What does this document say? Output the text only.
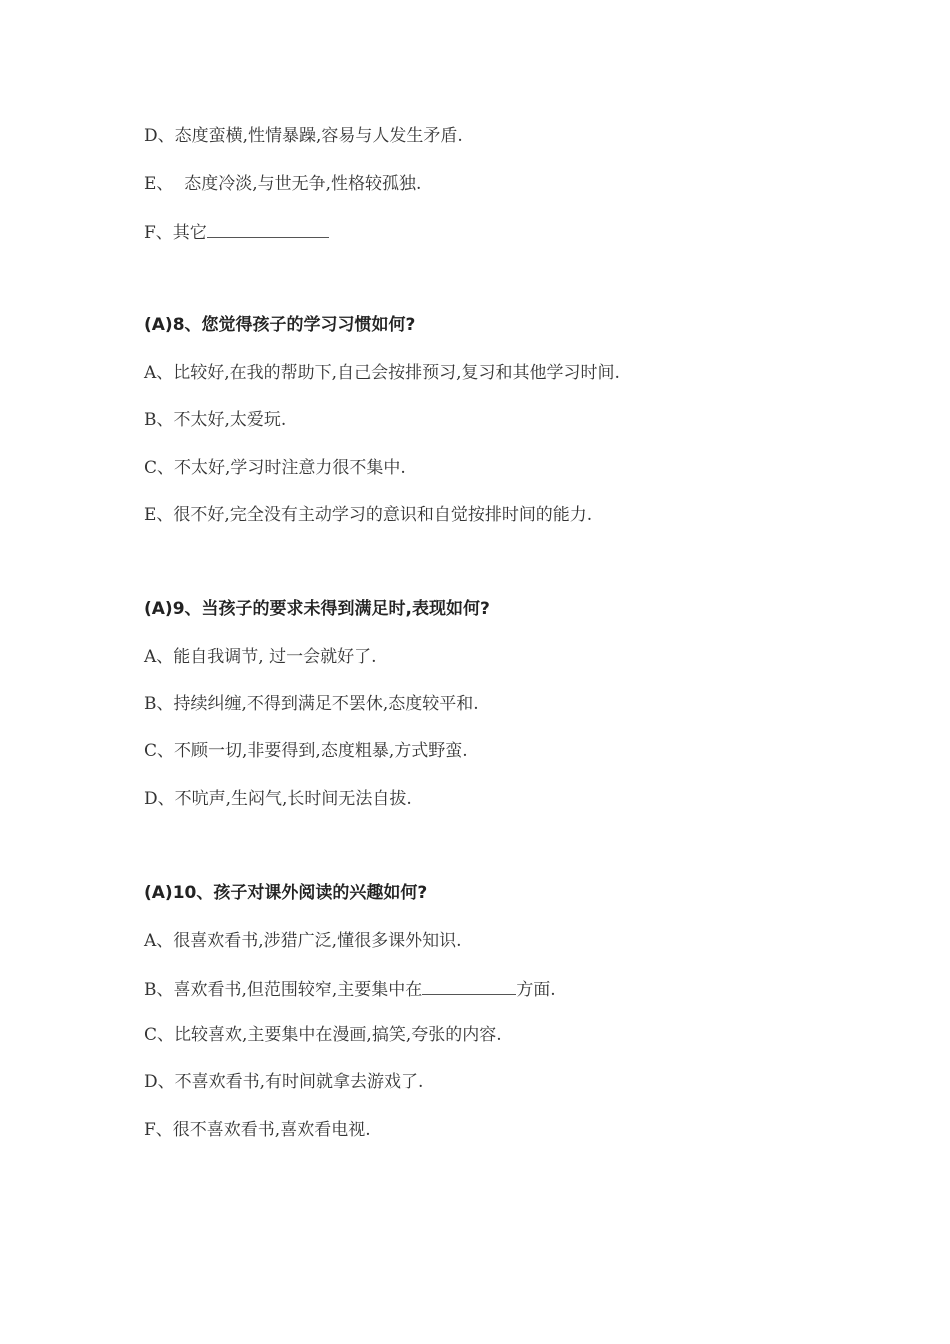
D、态度蛮横,性情暴躁,容易与人发生矛盾.
E、  态度冷淡,与世无争,性格较孤独.
F、其它
(A)8、您觉得孩子的学习习惯如何?
A、比较好,在我的帮助下,自己会按排预习,复习和其他学习时间.
B、不太好,太爱玩.
C、不太好,学习时注意力很不集中.
E、很不好,完全没有主动学习的意识和自觉按排时间的能力.
(A)9、当孩子的要求未得到满足时,表现如何?
A、能自我调节, 过一会就好了.
B、持续纠缠,不得到满足不罢休,态度较平和.
C、不顾一切,非要得到,态度粗暴,方式野蛮.
D、不吭声,生闷气,长时间无法自拔.
(A)10、孩子对课外阅读的兴趣如何?
A、很喜欢看书,涉猎广泛,懂很多课外知识.
B、喜欢看书,但范围较窄,主要集中在	方面.
C、比较喜欢,主要集中在漫画,搞笑,夸张的内容.
D、不喜欢看书,有时间就拿去游戏了.
F、很不喜欢看书,喜欢看电视.
